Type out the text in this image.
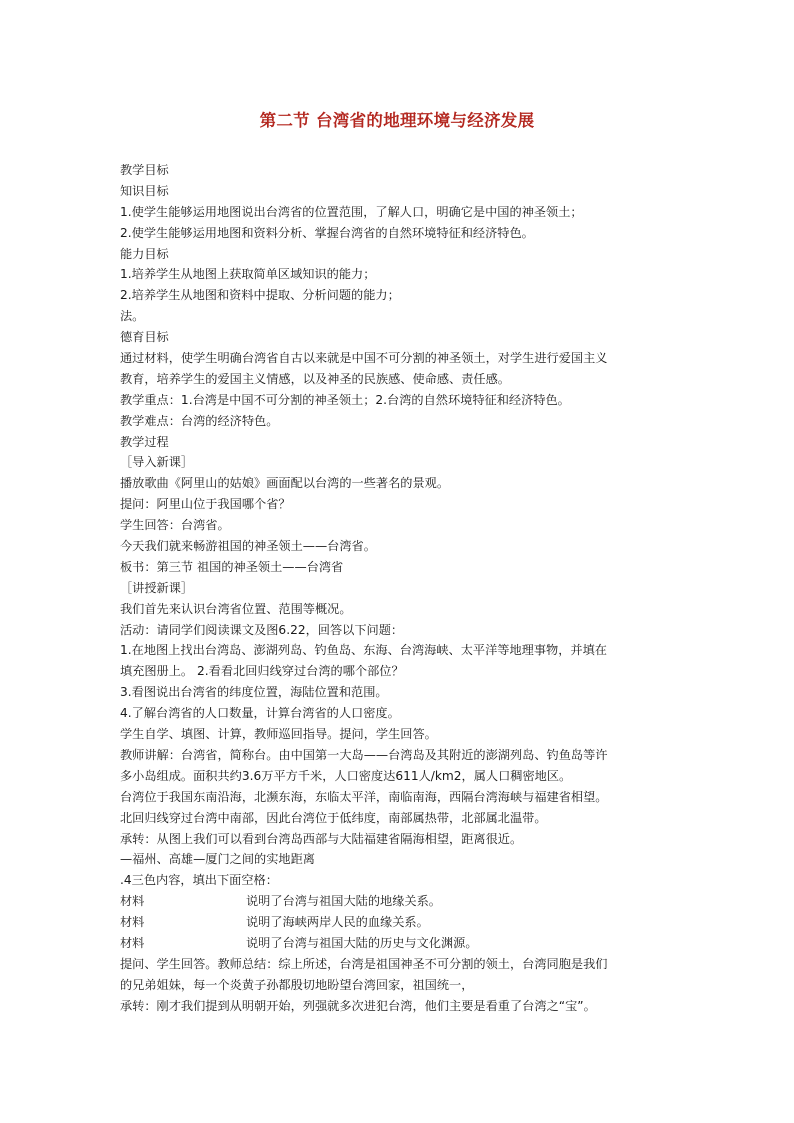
第二节 台湾省的地理环境与经济发展
教学目标
知识目标
1.使学生能够运用地图说出台湾省的位置范围，了解人口，明确它是中国的神圣领土；
2.使学生能够运用地图和资料分析、掌握台湾省的自然环境特征和经济特色。
能力目标
1.培养学生从地图上获取简单区域知识的能力；
2.培养学生从地图和资料中提取、分析问题的能力；
法。
德育目标
通过材料，使学生明确台湾省自古以来就是中国不可分割的神圣领土，对学生进行爱国主义
教育，培养学生的爱国主义情感，以及神圣的民族感、使命感、责任感。
教学重点：1.台湾是中国不可分割的神圣领土；2.台湾的自然环境特征和经济特色。
教学难点：台湾的经济特色。
教学过程
［导入新课］
播放歌曲《阿里山的姑娘》画面配以台湾的一些著名的景观。
提问：阿里山位于我国哪个省？
学生回答：台湾省。
今天我们就来畅游祖国的神圣领土——台湾省。
板书：第三节 祖国的神圣领土——台湾省
［讲授新课］
我们首先来认识台湾省位置、范围等概况。
活动：请同学们阅读课文及图6.22，回答以下问题：
1.在地图上找出台湾岛、澎湖列岛、钓鱼岛、东海、台湾海峡、太平洋等地理事物，并填在
填充图册上。 2.看看北回归线穿过台湾的哪个部位？
3.看图说出台湾省的纬度位置，海陆位置和范围。
4.了解台湾省的人口数量，计算台湾省的人口密度。
学生自学、填图、计算，教师巡回指导。提问，学生回答。
教师讲解：台湾省，简称台。由中国第一大岛——台湾岛及其附近的澎湖列岛、钓鱼岛等许
多小岛组成。面积共约3.6万平方千米，人口密度达611人/km2，属人口稠密地区。
台湾位于我国东南沿海，北濒东海，东临太平洋，南临南海，西隔台湾海峡与福建省相望。
北回归线穿过台湾中南部，因此台湾位于低纬度，南部属热带，北部属北温带。
承转：从图上我们可以看到台湾岛西部与大陆福建省隔海相望，距离很近。
—福州、高雄—厦门之间的实地距离
.4三色内容，填出下面空格：
材料	说明了台湾与祖国大陆的地缘关系。
材料	说明了海峡两岸人民的血缘关系。
材料	说明了台湾与祖国大陆的历史与文化渊源。
提问、学生回答。教师总结：综上所述，台湾是祖国神圣不可分割的领土，台湾同胞是我们
的兄弟姐妹，每一个炎黄子孙都殷切地盼望台湾回家，祖国统一，
承转：刚才我们提到从明朝开始，列强就多次进犯台湾，他们主要是看重了台湾之“宝”。
